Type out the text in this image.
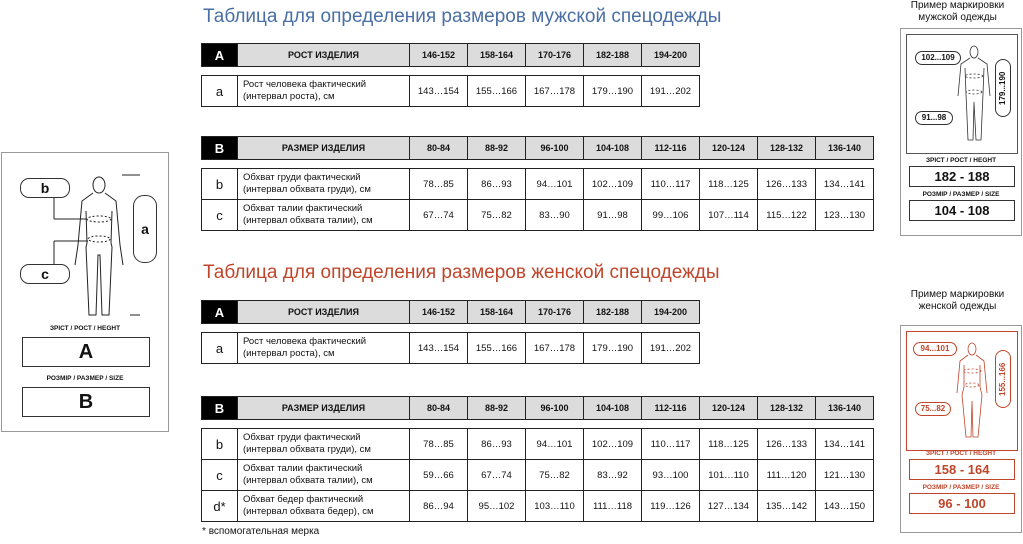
Таблица для определения размеров мужской спецодежды
Таблица для определения размеров женской спецодежды
A	РОСТ ИЗДЕЛИЯ	146-152	158-164	170-176	182-188	194-200

a	Рост человека фактический
(интервал роста), см	143…154	155…166	167…178	179…190	191…202
B	РАЗМЕР ИЗДЕЛИЯ	80-84	88-92	96-100	104-108	112-116	120-124	128-132	136-140

b	Обхват груди фактический
(интервал обхвата груди), см	78…85	86…93	94…101	102…109	110…117	118…125	126…133	134…141
c	Обхват талии фактический
(интервал обхвата талии), см	67…74	75…82	83…90	91…98	99…106	107…114	115…122	123…130
A	РОСТ ИЗДЕЛИЯ	146-152	158-164	170-176	182-188	194-200

a	Рост человека фактический
(интервал роста), см	143…154	155…166	167…178	179…190	191…202
B	РАЗМЕР ИЗДЕЛИЯ	80-84	88-92	96-100	104-108	112-116	120-124	128-132	136-140

b	Обхват груди фактический
(интервал обхвата груди), см	78…85	86…93	94…101	102…109	110…117	118…125	126…133	134…141
c	Обхват талии фактический
(интервал обхвата талии), см	59…66	67…74	75…82	83…92	93…100	101…110	111…120	121…130
d*	Обхват бедер фактический
(интервал обхвата бедер), см	86…94	95…102	103…110	111…118	119…126	127…134	135…142	143…150
* вспомогательная мерка
b
c
a
ЗРІСТ / РОСТ / HEGHT
A
РОЗМІР / РАЗМЕР / SIZE
B
Пример маркировки
мужской одежды
102...109
91...98
179...190
ЗРІСТ / РОСТ / HEGHT
182 - 188
РОЗМІР / РАЗМЕР / SIZE
104 - 108
Пример маркировки
женской одежды
94...101
75...82
155...166
ЗРІСТ / РОСТ / HEGHT
158 - 164
РОЗМІР / РАЗМЕР / SIZE
96 - 100
